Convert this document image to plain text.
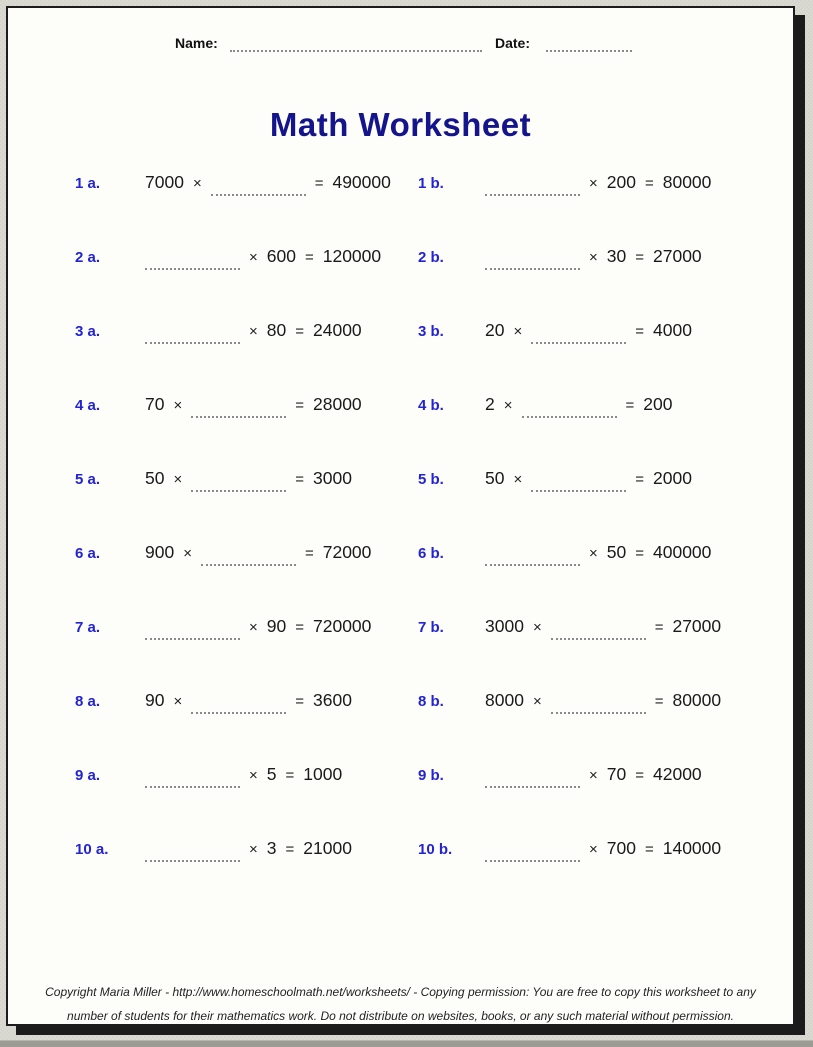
Name:	Date:
Math Worksheet
1 a.	7000 ×	= 490000 1 b.	× 200 = 80000
2 a.	× 600 = 120000 2 b.	× 30 = 27000
3 a.	× 80 = 24000	3 b.	20 ×	= 4000
4 a.	70 ×	= 28000	4 b.	2 ×	= 200
5 a.	50 ×	= 3000	5 b.	50 ×	= 2000
6 a.	900 ×	= 72000	6 b.	× 50 = 400000
7 a.	× 90 = 720000	7 b.	3000 ×	= 27000
8 a.	90 ×	= 3600	8 b.	8000 ×	= 80000
9 a.	× 5 = 1000	9 b.	× 70 = 42000
10 a.	× 3 = 21000	10 b.	× 700 = 140000
Copyright Maria Miller - http://www.homeschoolmath.net/worksheets/ - Copying permission: You are free to copy this worksheet to any
number of students for their mathematics work. Do not distribute on websites, books, or any such material without permission.
